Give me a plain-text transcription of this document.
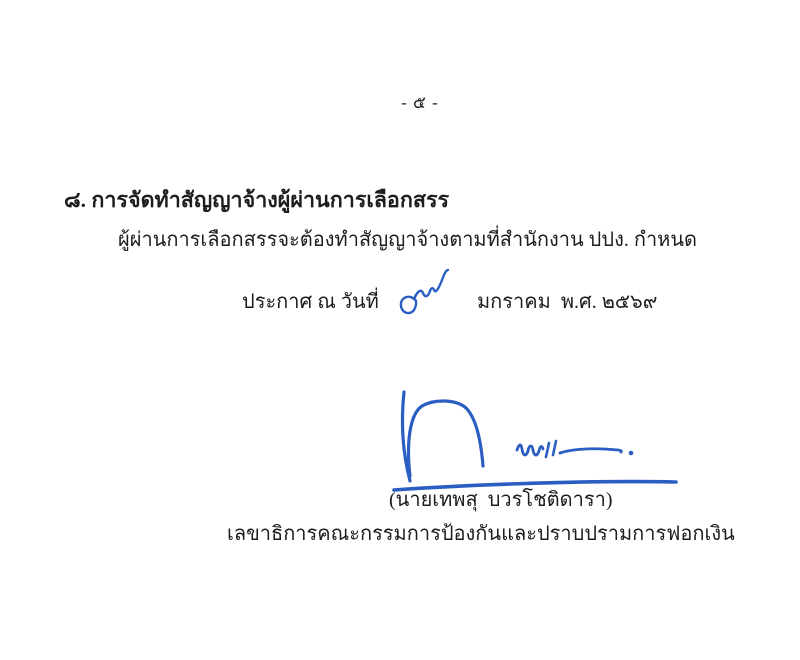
- ๕ -
๘. การจัดทำสัญญาจ้างผู้ผ่านการเลือกสรร
ผู้ผ่านการเลือกสรรจะต้องทำสัญญาจ้างตามที่สำนักงาน ปปง. กำหนด
ประกาศ ณ วันที่	มกราคม  พ.ศ. ๒๕๖๙
(นายเทพสุ  บวรโชติดารา)
เลขาธิการคณะกรรมการป้องกันและปราบปรามการฟอกเงิน
